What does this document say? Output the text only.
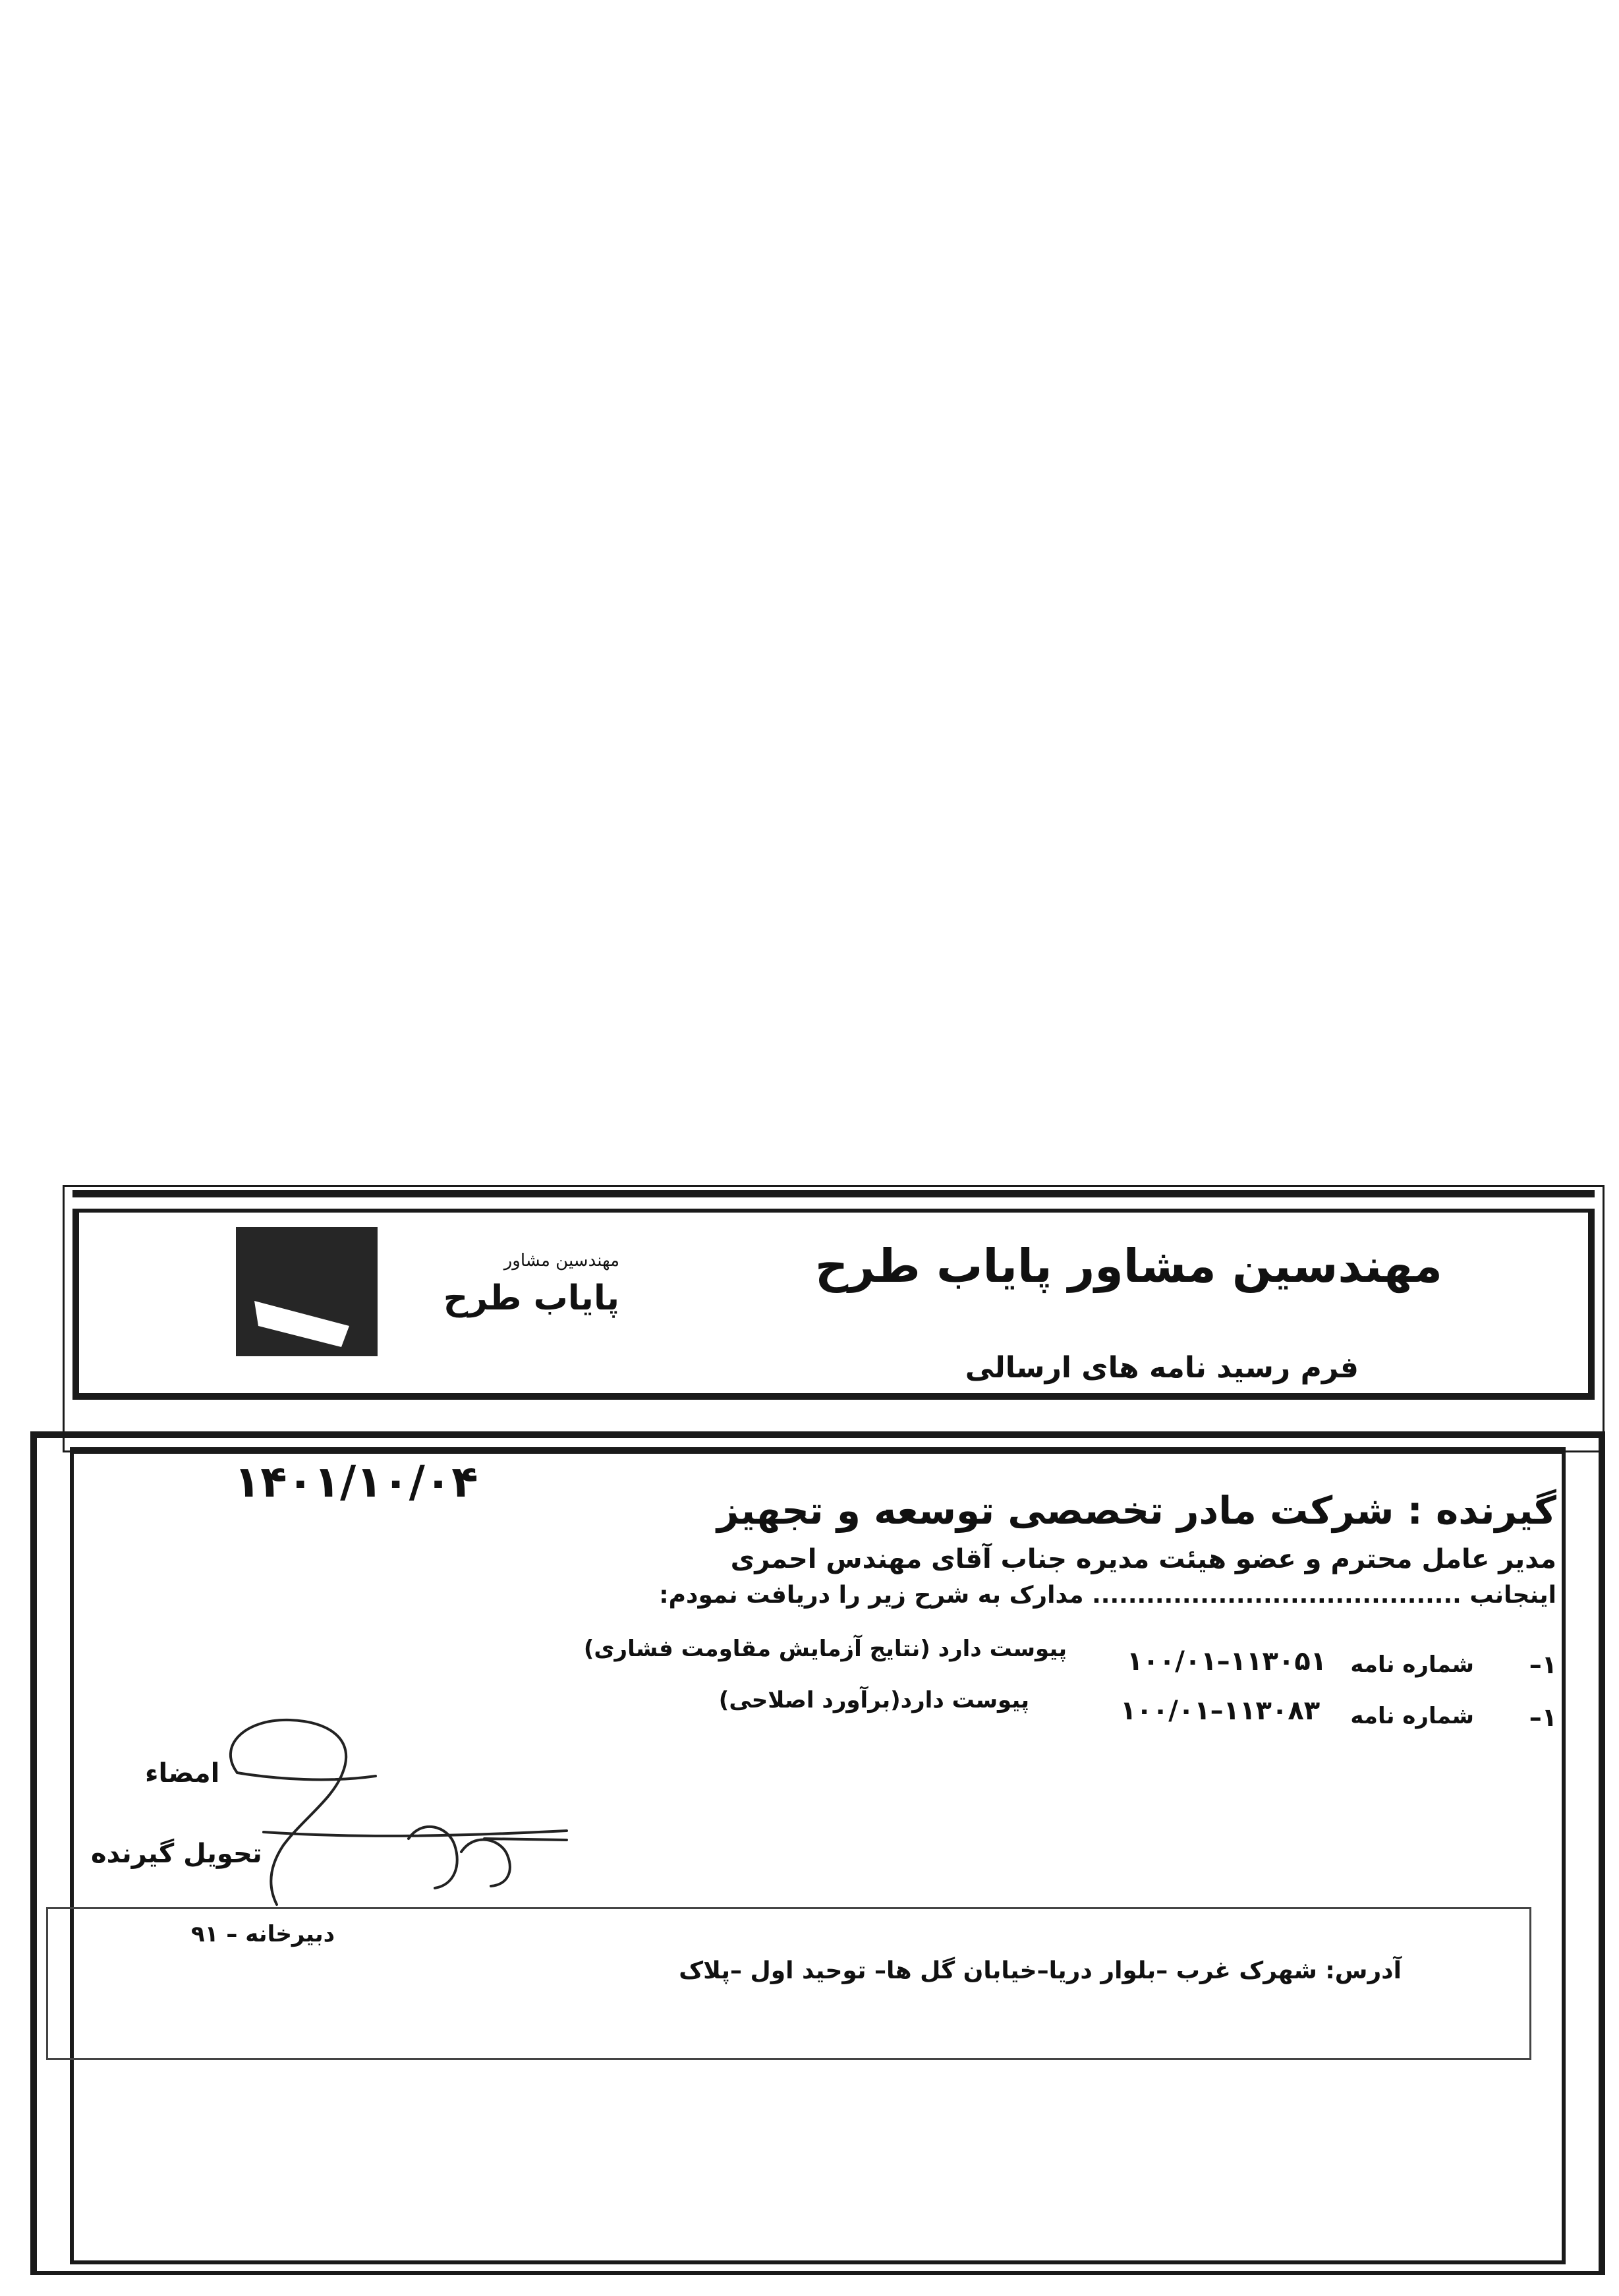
مهندسین مشاور پایاب طرح
فرم رسید نامه های ارسالی
مهندسین مشاور
پایاب طرح
۱۴۰۱/۱۰/۰۴
گیرنده : شرکت مادر تخصصی توسعه و تجهیز
مدیر عامل محترم و عضو هیئت مدیره جناب آقای مهندس احمری
اینجانب ......................................... مدارک به شرح زیر را دریافت نمودم:
۱–
شماره نامه
۱۰۰/۰۱–۱۱۳۰۵۱
پیوست دارد (نتایج آزمایش مقاومت فشاری)
۱–
شماره نامه
۱۰۰/۰۱–۱۱۳۰۸۳
پیوست دارد(برآورد اصلاحی)
امضاء
تحویل گیرنده
دبیرخانه – ۹۱
آدرس: شهرک غرب –بلوار دریا–خیابان گل ها– توحید اول –پلاک
